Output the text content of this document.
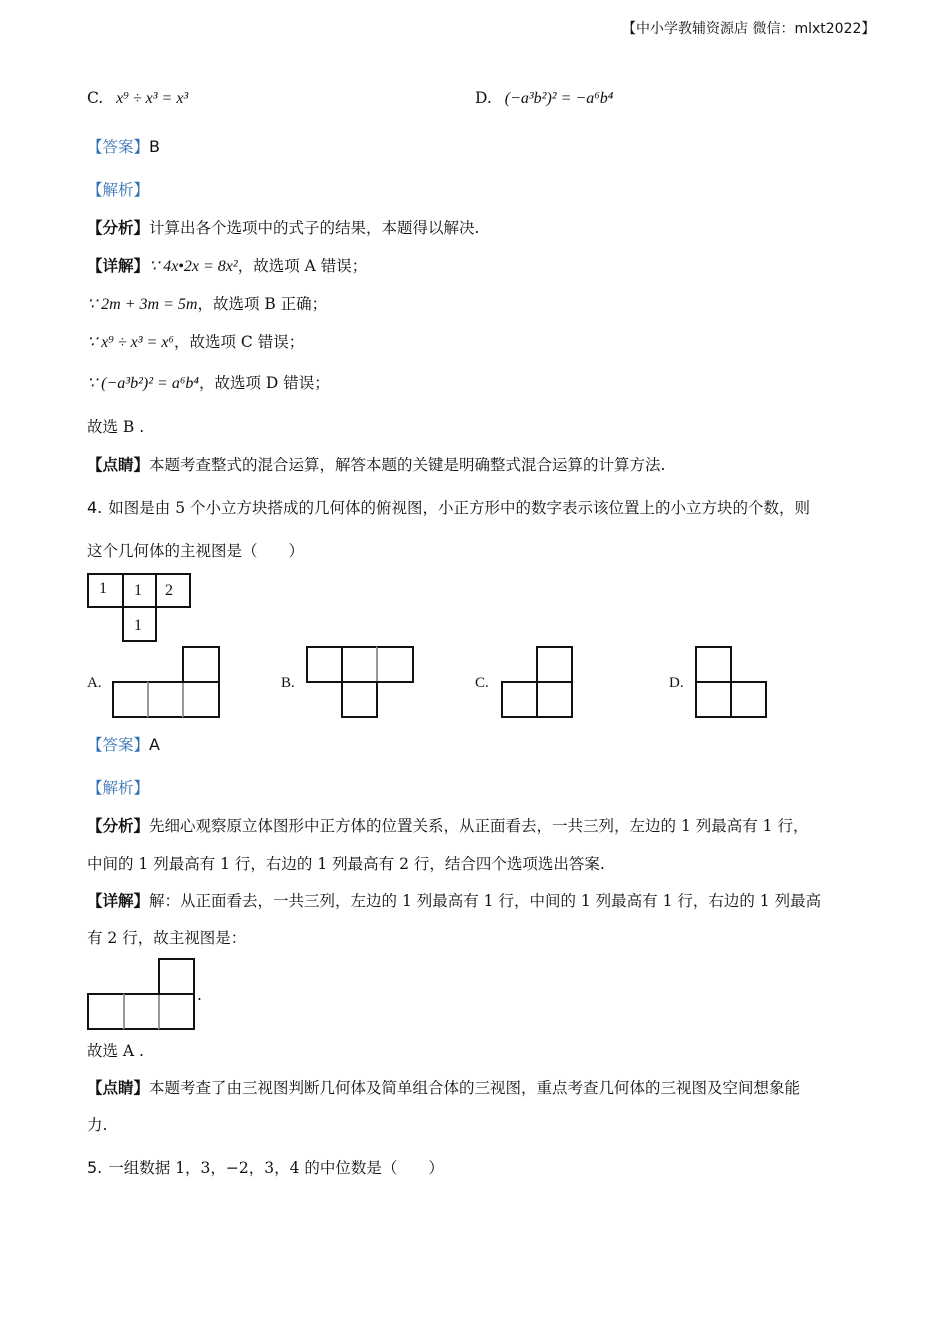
【中小学教辅资源店 微信：mlxt2022】
C. x⁹ ÷ x³ = x³	D. (−a³b²)² = −a⁶b⁴
【答案】B
【解析】
【分析】计算出各个选项中的式子的结果，本题得以解决.
【详解】∵ 4x•2x = 8x²，故选项 A 错误；
∵ 2m + 3m = 5m，故选项 B 正确；
∵ x⁹ ÷ x³ = x⁶，故选项 C 错误；
∵ (−a³b²)² = a⁶b⁴，故选项 D 错误；
故选 B .
【点睛】本题考查整式的混合运算，解答本题的关键是明确整式混合运算的计算方法.
4. 如图是由 5 个小立方块搭成的几何体的俯视图，小正方形中的数字表示该位置上的小立方块的个数，则
这个几何体的主视图是（　　）
1 1 2
1
A.	B.	C.	D.
【答案】A
【解析】
【分析】先细心观察原立体图形中正方体的位置关系，从正面看去，一共三列，左边的 1 列最高有 1 行，
中间的 1 列最高有 1 行，右边的 1 列最高有 2 行，结合四个选项选出答案.
【详解】解：从正面看去，一共三列，左边的 1 列最高有 1 行，中间的 1 列最高有 1 行，右边的 1 列最高
有 2 行，故主视图是：
.
故选 A .
【点睛】本题考查了由三视图判断几何体及简单组合体的三视图，重点考查几何体的三视图及空间想象能
力.
5. 一组数据 1，3，−2，3，4 的中位数是（　　）
